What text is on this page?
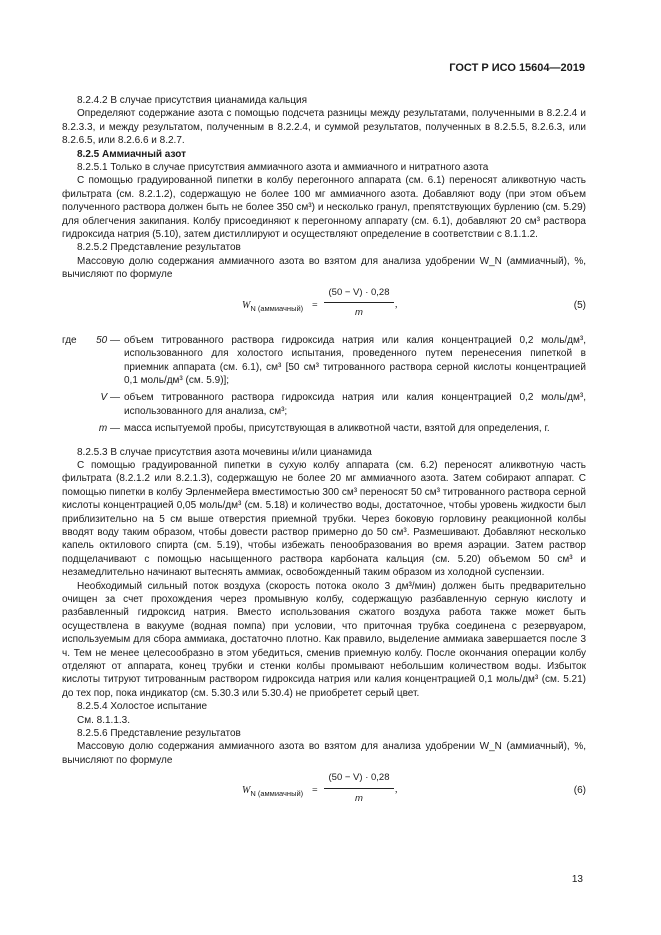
ГОСТ Р ИСО 15604—2019

8.2.4.2 В случае присутствия цианамида кальция

Определяют содержание азота с помощью подсчета разницы между результатами, полученными в 8.2.2.4 и 8.2.3.3, и между результатом, полученным в 8.2.2.4, и суммой результатов, полученных в 8.2.5.5, 8.2.6.3, или 8.2.6.5, или 8.2.6.6 и 8.2.7.

8.2.5 Аммиачный азот

8.2.5.1 Только в случае присутствия аммиачного азота и аммиачного и нитратного азота

С помощью градуированной пипетки в колбу перегонного аппарата (см. 6.1) переносят аликвотную часть фильтрата (см. 8.2.1.2), содержащую не более 100 мг аммиачного азота. Добавляют воду (при этом объем полученного раствора должен быть не более 350 см³) и несколько гранул, препятствующих бурлению (см. 5.29) для облегчения закипания. Колбу присоединяют к перегонному аппарату (см. 6.1), добавляют 20 см³ раствора гидроксида натрия (5.10), затем дистиллируют и осуществляют определение в соответствии с 8.1.1.2.

8.2.5.2 Представление результатов

Массовую долю содержания аммиачного азота во взятом для анализа удобрении W_N (аммиачный), %, вычисляют по формуле

$W_{N (аммиачный)} = \frac{(50 - V) \cdot 0,28}{m}$ ,	(5)
где	50 — объем титрованного раствора гидроксида натрия или калия концентрацией 0,2 моль/дм³, использованного для холостого испытания, проведенного путем перенесения пипеткой в приемник аппарата (см. 6.1), см³ [50 см³ титрованного раствора серной кислоты концентрацией 0,1 моль/дм³ (см. 5.9)];
V — объем титрованного раствора гидроксида натрия или калия концентрацией 0,2 моль/дм³, использованного для анализа, см³;
m — масса испытуемой пробы, присутствующая в аликвотной части, взятой для определения, г.

8.2.5.3 В случае присутствия азота мочевины и/или цианамида

С помощью градуированной пипетки в сухую колбу аппарата (см. 6.2) переносят аликвотную часть фильтрата (8.2.1.2 или 8.2.1.3), содержащую не более 20 мг аммиачного азота. Затем собирают аппарат. С помощью пипетки в колбу Эрленмейера вместимостью 300 см³ переносят 50 см³ титрованного раствора серной кислоты концентрацией 0,05 моль/дм³ (см. 5.18) и количество воды, достаточное, чтобы уровень жидкости был приблизительно на 5 см выше отверстия приемной трубки. Через боковую горловину реакционной колбы вводят воду таким образом, чтобы довести раствор примерно до 50 см³. Размешивают. Добавляют несколько капель октилового спирта (см. 5.19), чтобы избежать пенообразования во время аэрации. Затем раствор подщелачивают с помощью насыщенного раствора карбоната кальция (см. 5.20) объемом 50 см³ и незамедлительно начинают вытеснять аммиак, освобожденный таким образом из холодной суспензии.

Необходимый сильный поток воздуха (скорость потока около 3 дм³/мин) должен быть предварительно очищен за счет прохождения через промывную колбу, содержащую разбавленную серную кислоту и разбавленный гидроксид натрия. Вместо использования сжатого воздуха работа также может быть осуществлена в вакууме (водная помпа) при условии, что приточная трубка соединена с резервуаром, используемым для сбора аммиака, достаточно плотно. Как правило, выделение аммиака завершается после 3 ч. Тем не менее целесообразно в этом убедиться, сменив приемную колбу. После окончания операции колбу отделяют от аппарата, конец трубки и стенки колбы промывают небольшим количеством воды. Избыток кислоты титруют титрованным раствором гидроксида натрия или калия концентрацией 0,1 моль/дм³ (см. 5.21) до тех пор, пока индикатор (см. 5.30.3 или 5.30.4) не приобретет серый цвет.

8.2.5.4 Холостое испытание

См. 8.1.1.3.

8.2.5.6 Представление результатов

Массовую долю содержания аммиачного азота во взятом для анализа удобрении W_N (аммиачный), %, вычисляют по формуле

$W_{N (аммиачный)} = \frac{(50 - V) \cdot 0,28}{m}$ ,	(6)
13
